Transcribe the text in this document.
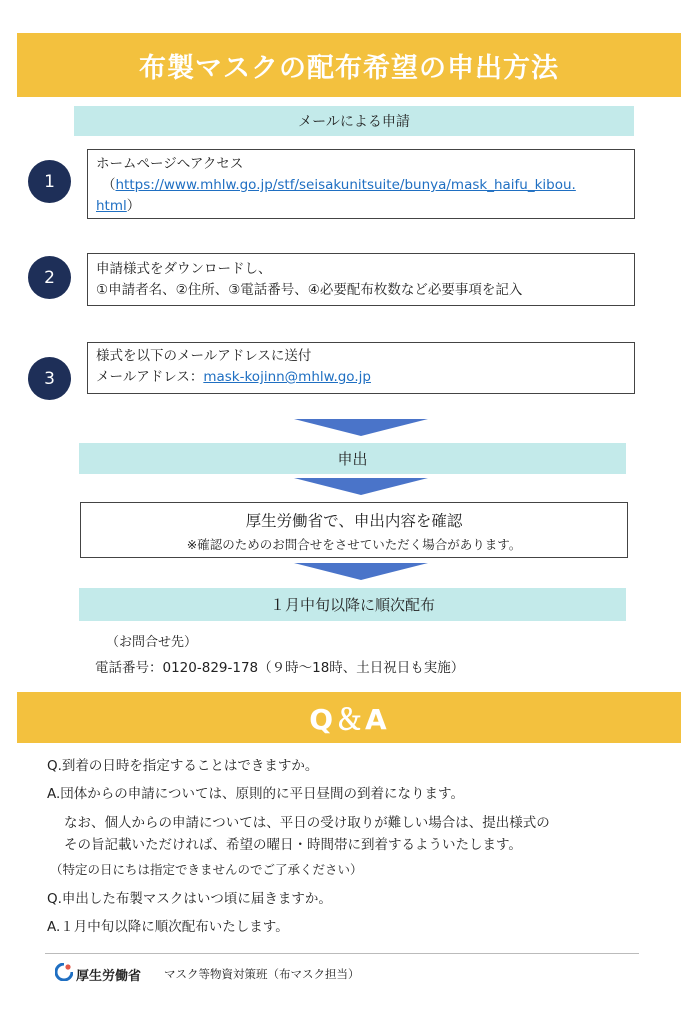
布製マスクの配布希望の申出方法
メールによる申請
1
ホームページへアクセス
（https://www.mhlw.go.jp/stf/seisakunitsuite/bunya/mask_haifu_kibou.
html）
2	申請様式をダウンロードし、
①申請者名、②住所、③電話番号、④必要配布枚数など必要事項を記入
3
様式を以下のメールアドレスに送付
メールアドレス：mask-kojinn@mhlw.go.jp
申出
厚生労働省で、申出内容を確認
※確認のためのお問合せをさせていただく場合があります。
１月中旬以降に順次配布
（お問合せ先）
電話番号：0120-829-178（９時～18時、土日祝日も実施）
Q＆A
Q.到着の日時を指定することはできますか。
A.団体からの申請については、原則的に平日昼間の到着になります。
なお、個人からの申請については、平日の受け取りが難しい場合は、提出様式の
その旨記載いただければ、希望の曜日・時間帯に到着するよういたします。
（特定の日にちは指定できませんのでご了承ください）
Q.申出した布製マスクはいつ頃に届きますか。
A.１月中旬以降に順次配布いたします。
厚生労働省 マスク等物資対策班（布マスク担当）
